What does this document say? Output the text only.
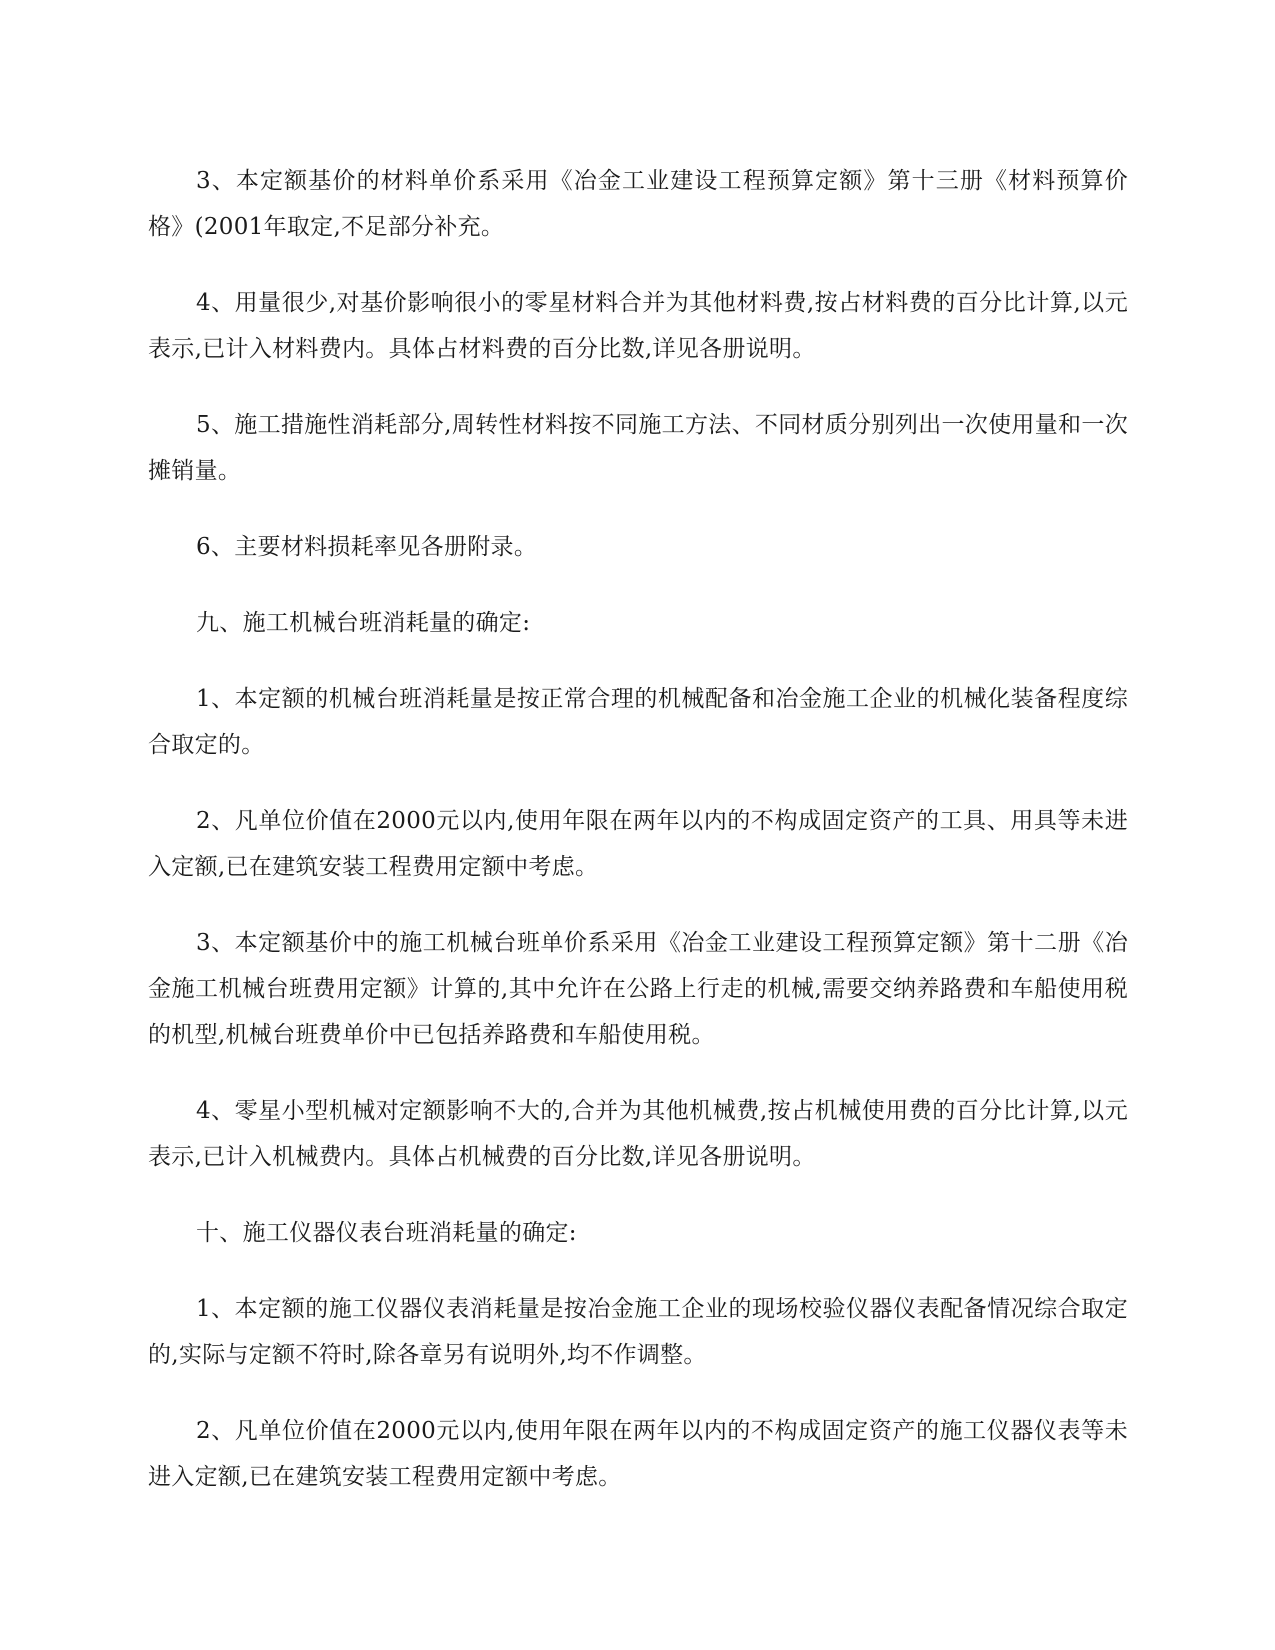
3、本定额基价的材料单价系采用《冶金工业建设工程预算定额》第十三册《材料预算价格》(2001年取定,不足部分补充。

4、用量很少,对基价影响很小的零星材料合并为其他材料费,按占材料费的百分比计算,以元表示,已计入材料费内。具体占材料费的百分比数,详见各册说明。

5、施工措施性消耗部分,周转性材料按不同施工方法、不同材质分别列出一次使用量和一次摊销量。

6、主要材料损耗率见各册附录。

九、施工机械台班消耗量的确定:

1、本定额的机械台班消耗量是按正常合理的机械配备和冶金施工企业的机械化装备程度综合取定的。

2、凡单位价值在2000元以内,使用年限在两年以内的不构成固定资产的工具、用具等未进入定额,已在建筑安装工程费用定额中考虑。

3、本定额基价中的施工机械台班单价系采用《冶金工业建设工程预算定额》第十二册《冶金施工机械台班费用定额》计算的,其中允许在公路上行走的机械,需要交纳养路费和车船使用税的机型,机械台班费单价中已包括养路费和车船使用税。

4、零星小型机械对定额影响不大的,合并为其他机械费,按占机械使用费的百分比计算,以元表示,已计入机械费内。具体占机械费的百分比数,详见各册说明。

十、施工仪器仪表台班消耗量的确定:

1、本定额的施工仪器仪表消耗量是按冶金施工企业的现场校验仪器仪表配备情况综合取定的,实际与定额不符时,除各章另有说明外,均不作调整。

2、凡单位价值在2000元以内,使用年限在两年以内的不构成固定资产的施工仪器仪表等未进入定额,已在建筑安装工程费用定额中考虑。
